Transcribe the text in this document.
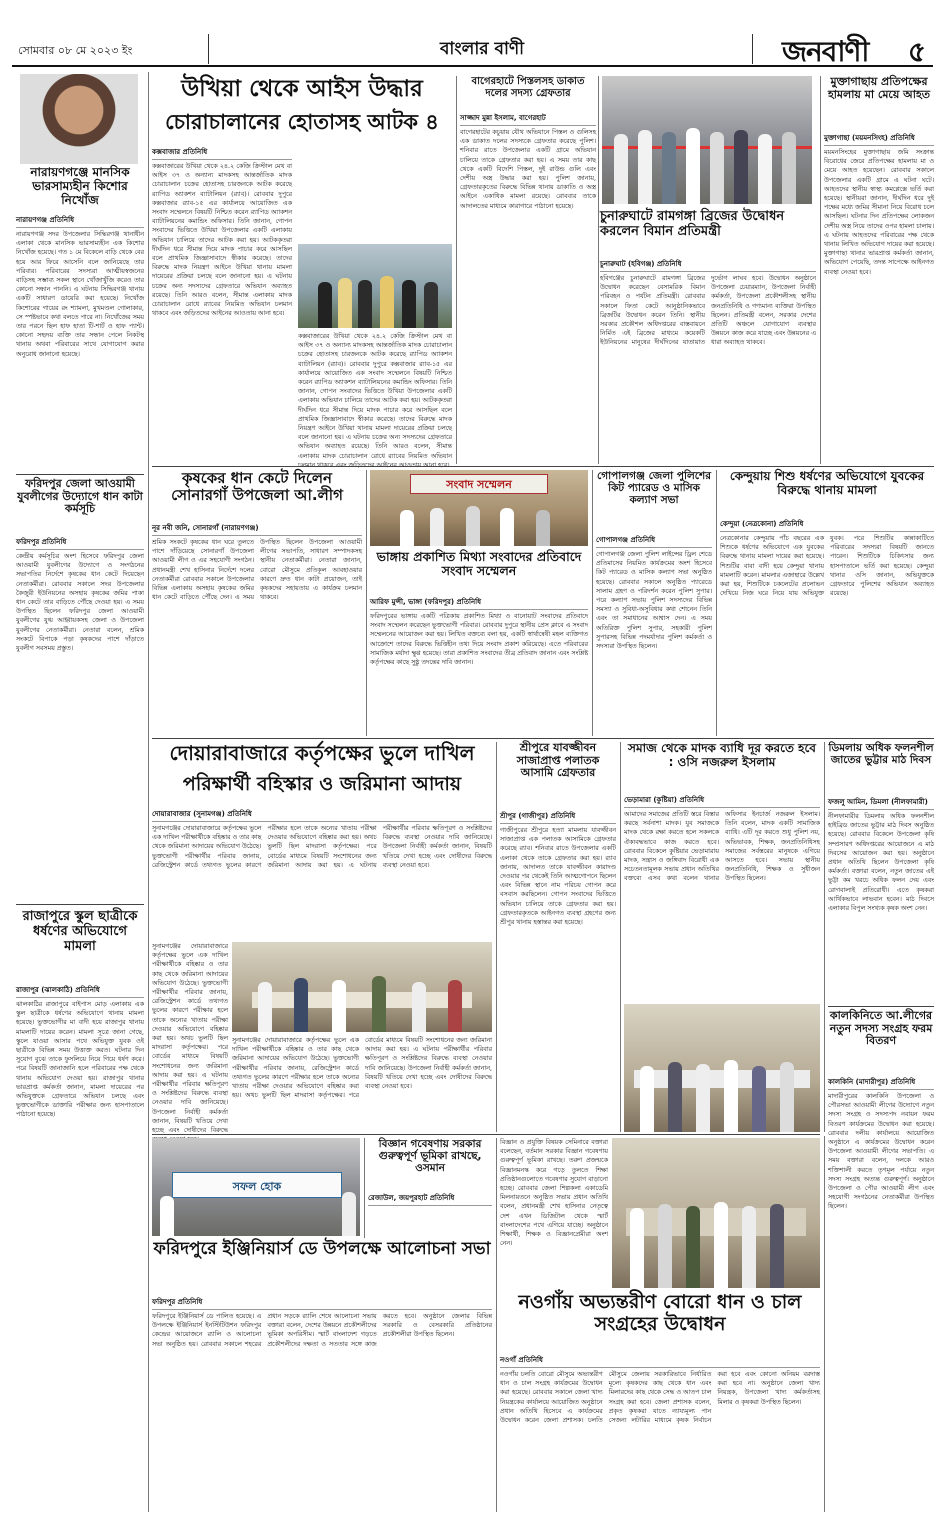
সোমবার ০৮ মে ২০২৩ ইং	বাংলার বাণী	জনবাণী	৫
নারায়ণগঞ্জে মানসিক ভারসাম্যহীন কিশোর নিখোঁজ
নারায়ণগঞ্জ প্রতিনিধি
নারায়ণগঞ্জ সদর উপজেলার সিদ্ধিরগঞ্জ থানাধীন এলাকা থেকে মানসিক ভারসাম্যহীন এক কিশোর নিখোঁজ হয়েছে। গত ১ মে বিকেলে বাড়ি থেকে বের হয়ে আর ফিরে আসেনি বলে জানিয়েছে তার পরিবার। পরিবারের সদস্যরা আত্মীয়স্বজনের বাড়িসহ সম্ভাব্য সকল স্থানে খোঁজাখুঁজি করেও তার কোনো সন্ধান পাননি। এ ঘটনায় সিদ্ধিরগঞ্জ থানায় একটি সাধারণ ডায়েরি করা হয়েছে। নিখোঁজ কিশোরের গায়ের রং শ্যামলা, মুখমণ্ডল গোলাকার, সে স্পষ্টভাবে কথা বলতে পারে না। নিখোঁজের সময় তার পরনে ছিল হাফ হাতা টি-শার্ট ও হাফ প্যান্ট। কোনো সহৃদয় ব্যক্তি তার সন্ধান পেলে নিকটস্থ থানায় অথবা পরিবারের সাথে যোগাযোগ করার অনুরোধ জানানো হয়েছে।
ফরিদপুর জেলা আওয়ামী যুবলীগের উদ্যোগে ধান কাটা কর্মসূচি
ফরিদপুর প্রতিনিধি
কেন্দ্রীয় কর্মসূচির অংশ হিসেবে ফরিদপুর জেলা আওয়ামী যুবলীগের উদ্যোগে ও সংগঠনের সভাপতির নির্দেশে কৃষকের ধান কেটে দিয়েছেন নেতাকর্মীরা। রোববার সকালে সদর উপজেলার কৈজুরী ইউনিয়নের অসহায় কৃষকের জমির পাকা ধান কেটে তার বাড়িতে পৌঁছে দেওয়া হয়। এ সময় উপস্থিত ছিলেন ফরিদপুর জেলা আওয়ামী যুবলীগের যুগ্ম আহ্বায়কসহ জেলা ও উপজেলা যুবলীগের নেতাকর্মীরা। নেতারা বলেন, শ্রমিক সংকটে বিপাকে পড়া কৃষকদের পাশে দাঁড়াতে যুবলীগ সবসময় প্রস্তুত।
রাজাপুরে স্কুল ছাত্রীকে ধর্ষণের অভিযোগে মামলা
রাজাপুর (ঝালকাঠি) প্রতিনিধি
ঝালকাঠির রাজাপুরে বাইপাস মোড় এলাকায় এক স্কুল ছাত্রীকে ধর্ষণের অভিযোগে থানায় মামলা হয়েছে। ভুক্তভোগীর মা বাদী হয়ে রাজাপুর থানায় মামলাটি দায়ের করেন। মামলা সূত্রে জানা গেছে, স্কুলে যাওয়া আসার পথে অভিযুক্ত যুবক ওই ছাত্রীকে বিভিন্ন সময় উত্ত্যক্ত করত। ঘটনার দিন সুযোগ বুঝে তাকে ফুসলিয়ে নিয়ে গিয়ে ধর্ষণ করে। পরে বিষয়টি জানাজানি হলে পরিবারের পক্ষ থেকে থানায় অভিযোগ দেওয়া হয়। রাজাপুর থানার ভারপ্রাপ্ত কর্মকর্তা জানান, মামলা দায়েরের পর অভিযুক্তকে গ্রেফতারে অভিযান চলছে এবং ভুক্তভোগীকে ডাক্তারি পরীক্ষার জন্য হাসপাতালে পাঠানো হয়েছে।
উখিয়া থেকে আইস উদ্ধার
চোরাচালানের হোতাসহ আটক ৪
কক্সবাজার প্রতিনিধি
কক্সবাজারের উখিয়া থেকে ২৪.২ কেজি ক্রিস্টাল মেথ বা আইস ৩৭ ও অন্যান্য মাদকসহ আন্তর্জাতিক মাদক চোরাচালান চক্রের হোতাসহ চারজনকে আটক করেছে র‍্যাপিড অ্যাকশন ব্যাটালিয়ন (র‍্যাব)। রোববার দুপুরে কক্সবাজার র‍্যাব-১৫ এর কার্যালয়ে আয়োজিত এক সংবাদ সম্মেলনে বিষয়টি নিশ্চিত করেন র‍্যাপিড অ্যাকশন ব্যাটালিয়নের কমান্ডিং অফিসার। তিনি জানান, গোপন সংবাদের ভিত্তিতে উখিয়া উপজেলার একটি এলাকায় অভিযান চালিয়ে তাদের আটক করা হয়। আটককৃতরা দীর্ঘদিন ধরে সীমান্ত দিয়ে মাদক পাচার করে আসছিল বলে প্রাথমিক জিজ্ঞাসাবাদে স্বীকার করেছে। তাদের বিরুদ্ধে মাদক নিয়ন্ত্রণ আইনে উখিয়া থানায় মামলা দায়েরের প্রক্রিয়া চলছে বলে জানানো হয়। এ ঘটনায় চক্রের অন্য সদস্যদের গ্রেফতারে অভিযান অব্যাহত রয়েছে। তিনি আরও বলেন, সীমান্ত এলাকায় মাদক চোরাচালান রোধে র‍্যাবের নিয়মিত অভিযান চলমান থাকবে এবং জড়িতদের আইনের আওতায় আনা হবে।
কক্সবাজারের উখিয়া থেকে ২৪.২ কেজি ক্রিস্টাল মেথ বা আইস ৩৭ ও অন্যান্য মাদকসহ আন্তর্জাতিক মাদক চোরাচালান চক্রের হোতাসহ চারজনকে আটক করেছে র‍্যাপিড অ্যাকশন ব্যাটালিয়ন (র‍্যাব)। রোববার দুপুরে কক্সবাজার র‍্যাব-১৫ এর কার্যালয়ে আয়োজিত এক সংবাদ সম্মেলনে বিষয়টি নিশ্চিত করেন র‍্যাপিড অ্যাকশন ব্যাটালিয়নের কমান্ডিং অফিসার। তিনি জানান, গোপন সংবাদের ভিত্তিতে উখিয়া উপজেলার একটি এলাকায় অভিযান চালিয়ে তাদের আটক করা হয়। আটককৃতরা দীর্ঘদিন ধরে সীমান্ত দিয়ে মাদক পাচার করে আসছিল বলে প্রাথমিক জিজ্ঞাসাবাদে স্বীকার করেছে। তাদের বিরুদ্ধে মাদক নিয়ন্ত্রণ আইনে উখিয়া থানায় মামলা দায়েরের প্রক্রিয়া চলছে বলে জানানো হয়। এ ঘটনায় চক্রের অন্য সদস্যদের গ্রেফতারে অভিযান অব্যাহত রয়েছে। তিনি আরও বলেন, সীমান্ত এলাকায় মাদক চোরাচালান রোধে র‍্যাবের নিয়মিত অভিযান
বাগেরহাটে পিস্তলসহ ডাকাত দলের সদস্য গ্রেফতার
সাজ্জাদ মুন্না ইসলাম, বাগেরহাট
বাগেরহাটের কচুয়ায় যৌথ অভিযানে পিস্তল ও গুলিসহ এক ডাকাত দলের সদস্যকে গ্রেফতার করেছে পুলিশ। শনিবার রাতে উপজেলার একটি গ্রামে অভিযান চালিয়ে তাকে গ্রেফতার করা হয়। এ সময় তার কাছ থেকে একটি বিদেশি পিস্তল, দুই রাউন্ড গুলি এবং দেশীয় অস্ত্র উদ্ধার করা হয়। পুলিশ জানায়, গ্রেফতারকৃতের বিরুদ্ধে বিভিন্ন থানায় ডাকাতি ও অস্ত্র আইনে একাধিক মামলা রয়েছে। রোববার তাকে আদালতের মাধ্যমে কারাগারে পাঠানো হয়েছে।
চুনারুঘাটে রামগঙ্গা ব্রিজের উদ্বোধন করলেন বিমান প্রতিমন্ত্রী
চুনারুঘাট (হবিগঞ্জ) প্রতিনিধি
হবিগঞ্জের চুনারুঘাটে রামগঙ্গা ব্রিজের উদ্বোধন করেছেন বেসামরিক বিমান পরিবহন ও পর্যটন প্রতিমন্ত্রী। রোববার সকালে ফিতা কেটে আনুষ্ঠানিকভাবে ব্রিজটির উদ্বোধন করেন তিনি। স্থানীয় সরকার প্রকৌশল অধিদপ্তরের বাস্তবায়নে নির্মিত এই ব্রিজের মাধ্যমে কয়েকটি ইউনিয়নের মানুষের দীর্ঘদিনের যাতায়াত দুর্ভোগ লাঘব হবে। উদ্বোধন অনুষ্ঠানে উপজেলা চেয়ারম্যান, উপজেলা নির্বাহী কর্মকর্তা, উপজেলা প্রকৌশলীসহ স্থানীয় জনপ্রতিনিধি ও গণ্যমান্য ব্যক্তিরা উপস্থিত ছিলেন। প্রতিমন্ত্রী বলেন, সরকার দেশের প্রতিটি অঞ্চলে যোগাযোগ ব্যবস্থার উন্নয়নে কাজ করে যাচ্ছে এবং উন্নয়নের এ ধারা অব্যাহত থাকবে।
মুক্তাগাছায় প্রতিপক্ষের হামলায় মা মেয়ে আহত
মুক্তাগাছা (ময়মনসিংহ) প্রতিনিধি
ময়মনসিংহের মুক্তাগাছায় জমি সংক্রান্ত বিরোধের জেরে প্রতিপক্ষের হামলায় মা ও মেয়ে আহত হয়েছেন। রোববার সকালে উপজেলার একটি গ্রামে এ ঘটনা ঘটে। আহতদের স্থানীয় স্বাস্থ্য কমপ্লেক্সে ভর্তি করা হয়েছে। স্থানীয়রা জানান, দীর্ঘদিন ধরে দুই পক্ষের মধ্যে জমির সীমানা নিয়ে বিরোধ চলে আসছিল। ঘটনার দিন প্রতিপক্ষের লোকজন দেশীয় অস্ত্র নিয়ে তাদের ওপর হামলা চালায়। এ ঘটনায় আহতদের পরিবারের পক্ষ থেকে থানায় লিখিত অভিযোগ দায়ের করা হয়েছে। মুক্তাগাছা থানার ভারপ্রাপ্ত কর্মকর্তা জানান, অভিযোগ পেয়েছি, তদন্ত সাপেক্ষে আইনগত ব্যবস্থা নেওয়া হবে।
কৃষকের ধান কেটে দিলেন সোনারগাঁ উপজেলা আ.লীগ
নূর নবী জনি, সোনারগাঁ (নারায়ণগঞ্জ)
শ্রমিক সংকটে কৃষকের ধান ঘরে তুলতে পাশে দাঁড়িয়েছে সোনারগাঁ উপজেলা আওয়ামী লীগ ও এর সহযোগী সংগঠন। প্রধানমন্ত্রী শেখ হাসিনার নির্দেশে দলের নেতাকর্মীরা রোববার সকালে উপজেলার বিভিন্ন এলাকায় অসহায় কৃষকের জমির ধান কেটে বাড়িতে পৌঁছে দেন। এ সময় উপস্থিত ছিলেন উপজেলা আওয়ামী লীগের সভাপতি, সাধারণ সম্পাদকসহ স্থানীয় নেতাকর্মীরা। নেতারা জানান, বোরো মৌসুমে প্রতিকূল আবহাওয়ার কারণে দ্রুত ধান কাটা প্রয়োজন, তাই কৃষকদের সহায়তায় এ কার্যক্রম চলমান থাকবে।
সংবাদ সম্মেলন
ভাঙ্গায় প্রকাশিত মিথ্যা সংবাদের প্রতিবাদে সংবাদ সম্মেলন
আরিফ মুন্সী, ভাঙ্গা (ফরিদপুর) প্রতিনিধি
ফরিদপুরের ভাঙ্গায় একটি পত্রিকায় প্রকাশিত মিথ্যা ও বানোয়াট সংবাদের প্রতিবাদে সংবাদ সম্মেলন করেছেন ভুক্তভোগী পরিবার। রোববার দুপুরে স্থানীয় প্রেস ক্লাবে এ সংবাদ সম্মেলনের আয়োজন করা হয়। লিখিত বক্তব্যে বলা হয়, একটি স্বার্থান্বেষী মহল ব্যক্তিগত আক্রোশে তাদের বিরুদ্ধে ভিত্তিহীন তথ্য দিয়ে সংবাদ প্রকাশ করিয়েছে। এতে পরিবারের সামাজিক মর্যাদা ক্ষুণ্ণ হয়েছে। তারা প্রকাশিত সংবাদের তীব্র প্রতিবাদ জানান এবং সংশ্লিষ্ট কর্তৃপক্ষের কাছে সুষ্ঠু তদন্তের দাবি জানান।
গোপালগঞ্জ জেলা পুলিশের কিট প্যারেড ও মাসিক কল্যাণ সভা
গোপালগঞ্জ প্রতিনিধি
গোপালগঞ্জ জেলা পুলিশ লাইন্সের ড্রিল শেডে প্রতিমাসের নিয়মিত কার্যক্রমের অংশ হিসেবে কিট প্যারেড ও মাসিক কল্যাণ সভা অনুষ্ঠিত হয়েছে। রোববার সকালে অনুষ্ঠিত প্যারেডে সালাম গ্রহণ ও পরিদর্শন করেন পুলিশ সুপার। পরে কল্যাণ সভায় পুলিশ সদস্যদের বিভিন্ন সমস্যা ও সুবিধা-অসুবিধার কথা শোনেন তিনি এবং তা সমাধানের আশ্বাস দেন। এ সময় অতিরিক্ত পুলিশ সুপার, সহকারী পুলিশ সুপারসহ বিভিন্ন পদমর্যাদার পুলিশ কর্মকর্তা ও সদস্যরা উপস্থিত ছিলেন।
কেন্দুয়ায় শিশু ধর্ষণের অভিযোগে যুবকের বিরুদ্ধে থানায় মামলা
কেন্দুয়া (নেত্রকোনা) প্রতিনিধি
নেত্রকোনার কেন্দুয়ায় পাঁচ বছরের এক শিশুকে ধর্ষণের অভিযোগে এক যুবকের বিরুদ্ধে থানায় মামলা দায়ের করা হয়েছে। শিশুটির বাবা বাদী হয়ে কেন্দুয়া থানায় মামলাটি করেন। মামলার এজাহারে উল্লেখ করা হয়, শিশুটিকে চকলেটের প্রলোভন দেখিয়ে নিজ ঘরে নিয়ে যায় অভিযুক্ত যুবক। পরে শিশুটির কান্নাকাটিতে পরিবারের সদস্যরা বিষয়টি জানতে পারেন। শিশুটিকে চিকিৎসার জন্য হাসপাতালে ভর্তি করা হয়েছে। কেন্দুয়া থানার ওসি জানান, অভিযুক্তকে গ্রেফতারে পুলিশের অভিযান অব্যাহত রয়েছে।
দোয়ারাবাজারে কর্তৃপক্ষের ভুলে দাখিল
পরিক্ষার্থী বহিস্কার ও জরিমানা আদায়
দোয়ারাবাজার (সুনামগঞ্জ) প্রতিনিধি
সুনামগঞ্জের দোয়ারাবাজারে কর্তৃপক্ষের ভুলে এক দাখিল পরীক্ষার্থীকে বহিষ্কার ও তার কাছ থেকে জরিমানা আদায়ের অভিযোগ উঠেছে। ভুক্তভোগী পরীক্ষার্থীর পরিবার জানায়, রেজিস্ট্রেশন কার্ডে তথ্যগত ভুলের কারণে পরীক্ষার হলে তাকে অন্যের খাতায় পরীক্ষা দেওয়ার অভিযোগে বহিষ্কার করা হয়। অথচ ভুলটি ছিল মাদরাসা কর্তৃপক্ষের। পরে বোর্ডের মাধ্যমে বিষয়টি সংশোধনের জন্য জরিমানা আদায় করা হয়। এ ঘটনায় পরীক্ষার্থীর পরিবার ক্ষতিপূরণ ও সংশ্লিষ্টদের বিরুদ্ধে ব্যবস্থা নেওয়ার দাবি জানিয়েছে। উপজেলা নির্বাহী কর্মকর্তা জানান, বিষয়টি খতিয়ে দেখা হচ্ছে এবং দোষীদের বিরুদ্ধে ব্যবস্থা নেওয়া হবে।
সুনামগঞ্জের দোয়ারাবাজারে কর্তৃপক্ষের ভুলে এক দাখিল পরীক্ষার্থীকে বহিষ্কার ও তার কাছ থেকে জরিমানা আদায়ের অভিযোগ উঠেছে। ভুক্তভোগী পরীক্ষার্থীর পরিবার জানায়, রেজিস্ট্রেশন কার্ডে তথ্যগত ভুলের কারণে পরীক্ষার হলে তাকে অন্যের খাতায় পরীক্ষা দেওয়ার অভিযোগে বহিষ্কার করা হয়। অথচ ভুলটি ছিল মাদরাসা কর্তৃপক্ষের। পরে বোর্ডের মাধ্যমে বিষয়টি সংশোধনের জন্য জরিমানা আদায় করা হয়। এ ঘটনায় পরীক্ষার্থীর পরিবার ক্ষতিপূরণ ও সংশ্লিষ্টদের বিরুদ্ধে ব্যবস্থা নেওয়ার দাবি জানিয়েছে। উপজেলা নির্বাহী কর্মকর্তা জানান, বিষয়টি খতিয়ে দেখা হচ্ছে এবং দোষীদের বিরুদ্ধে
সুনামগঞ্জের দোয়ারাবাজারে কর্তৃপক্ষের ভুলে এক দাখিল পরীক্ষার্থীকে বহিষ্কার ও তার কাছ থেকে জরিমানা আদায়ের অভিযোগ উঠেছে। ভুক্তভোগী পরীক্ষার্থীর পরিবার জানায়, রেজিস্ট্রেশন কার্ডে তথ্যগত ভুলের কারণে পরীক্ষার হলে তাকে অন্যের খাতায় পরীক্ষা দেওয়ার অভিযোগে বহিষ্কার করা হয়। অথচ ভুলটি ছিল মাদরাসা কর্তৃপক্ষের। পরে বোর্ডের মাধ্যমে বিষয়টি সংশোধনের জন্য জরিমানা আদায় করা হয়। এ ঘটনায় পরীক্ষার্থীর পরিবার ক্ষতিপূরণ ও সংশ্লিষ্টদের বিরুদ্ধে ব্যবস্থা নেওয়ার দাবি জানিয়েছে। উপজেলা নির্বাহী কর্মকর্তা জানান, বিষয়টি খতিয়ে দেখা হচ্ছে এবং দোষীদের বিরুদ্ধে ব্যবস্থা নেওয়া হবে।
শ্রীপুরে যাবজ্জীবন সাজাপ্রাপ্ত পলাতক আসামি গ্রেফতার
শ্রীপুর (গাজীপুর) প্রতিনিধি
গাজীপুরের শ্রীপুরে হত্যা মামলায় যাবজ্জীবন সাজাপ্রাপ্ত এক পলাতক আসামিকে গ্রেফতার করেছে র‍্যাব। শনিবার রাতে উপজেলার একটি এলাকা থেকে তাকে গ্রেফতার করা হয়। র‍্যাব জানায়, আদালত তাকে যাবজ্জীবন কারাদণ্ড দেওয়ার পর থেকেই তিনি আত্মগোপনে ছিলেন এবং বিভিন্ন স্থানে নাম পরিচয় গোপন করে বসবাস করছিলেন। গোপন সংবাদের ভিত্তিতে অভিযান চালিয়ে তাকে গ্রেফতার করা হয়। গ্রেফতারকৃতকে আইনগত ব্যবস্থা গ্রহণের জন্য শ্রীপুর থানায় হস্তান্তর করা হয়েছে।
সমাজ থেকে মাদক ব্যাধি দূর করতে হবে : ওসি নজরুল ইসলাম
ভেড়ামারা (কুষ্টিয়া) প্রতিনিধি
আমাদের সমাজের প্রতিটি স্তরে বিস্তার করছে সর্বনাশা মাদক। যুব সমাজকে মাদক থেকে রক্ষা করতে হলে সকলকে ঐক্যবদ্ধভাবে কাজ করতে হবে। রোববার বিকেলে কুষ্টিয়ার ভেড়ামারায় মাদক, সন্ত্রাস ও জঙ্গিবাদ বিরোধী এক সচেতনতামূলক সভায় প্রধান অতিথির বক্তব্যে এসব কথা বলেন থানার অফিসার ইনচার্জ নজরুল ইসলাম। তিনি বলেন, মাদক একটি সামাজিক ব্যাধি। এটি দূর করতে শুধু পুলিশ নয়, অভিভাবক, শিক্ষক, জনপ্রতিনিধিসহ সমাজের সর্বস্তরের মানুষকে এগিয়ে আসতে হবে। সভায় স্থানীয় জনপ্রতিনিধি, শিক্ষক ও সুধীজন উপস্থিত ছিলেন।
ডিমলায় অধিক ফলনশীল জাতের ভুট্টার মাঠ দিবস
ফজলু আমিন, ডিমলা (নীলফামারী)
নীলফামারীর ডিমলায় অধিক ফলনশীল হাইব্রিড জাতের ভুট্টার মাঠ দিবস অনুষ্ঠিত হয়েছে। রোববার বিকেলে উপজেলা কৃষি সম্প্রসারণ অধিদপ্তরের আয়োজনে এ মাঠ দিবসের আয়োজন করা হয়। অনুষ্ঠানে প্রধান অতিথি ছিলেন উপজেলা কৃষি কর্মকর্তা। বক্তারা বলেন, নতুন জাতের এই ভুট্টা কম খরচে অধিক ফলন দেয় এবং রোগবালাই প্রতিরোধী। এতে কৃষকরা আর্থিকভাবে লাভবান হবেন। মাঠ দিবসে এলাকার বিপুল সংখ্যক কৃষক অংশ নেন।
কালকিনিতে আ.লীগের নতুন সদস্য সংগ্রহ ফরম বিতরণ
কালকিনি (মাদারীপুর) প্রতিনিধি
মাদারীপুরের কালকিনি উপজেলা ও পৌরসভা আওয়ামী লীগের উদ্যোগে নতুন সদস্য সংগ্রহ ও সদস্যপদ নবায়ন ফরম বিতরণ কার্যক্রমের উদ্বোধন করা হয়েছে। রোববার দলীয় কার্যালয়ে আয়োজিত অনুষ্ঠানে এ কার্যক্রমের উদ্বোধন করেন উপজেলা আওয়ামী লীগের সভাপতি। এ সময় বক্তারা বলেন, দলকে আরও শক্তিশালী করতে তৃণমূল পর্যায়ে নতুন সদস্য সংগ্রহ অত্যন্ত গুরুত্বপূর্ণ। অনুষ্ঠানে উপজেলা ও পৌর আওয়ামী লীগ এবং সহযোগী সংগঠনের নেতাকর্মীরা উপস্থিত ছিলেন।
সফল হোক
ফরিদপুরে ইঞ্জিনিয়ার্স ডে উপলক্ষে আলোচনা সভা
ফরিদপুর প্রতিনিধি
ফরিদপুরে ইঞ্জিনিয়ার্স ডে পালিত হয়েছে। এ উপলক্ষে ইঞ্জিনিয়ার্স ইনস্টিটিউশন ফরিদপুর কেন্দ্রের আয়োজনে র‍্যালি ও আলোচনা সভা অনুষ্ঠিত হয়। রোববার সকালে শহরের প্রধান সড়কে র‍্যালি শেষে আলোচনা সভায় বক্তারা বলেন, দেশের উন্নয়নে প্রকৌশলীদের ভূমিকা অপরিসীম। স্মার্ট বাংলাদেশ গড়তে প্রকৌশলীদের দক্ষতা ও সততার সঙ্গে কাজ করতে হবে। অনুষ্ঠানে জেলার বিভিন্ন সরকারি ও বেসরকারি প্রতিষ্ঠানের প্রকৌশলীরা উপস্থিত ছিলেন।
বিজ্ঞান গবেষণায় সরকার গুরুত্বপূর্ণ ভূমিকা রাখছে, ওসমান
রেজাউল, জয়পুরহাট প্রতিনিধি
বিজ্ঞান ও প্রযুক্তি বিষয়ক সেমিনারে বক্তারা বলেছেন, বর্তমান সরকার বিজ্ঞান গবেষণায় গুরুত্বপূর্ণ ভূমিকা রাখছে। তরুণ প্রজন্মকে বিজ্ঞানমনস্ক করে গড়ে তুলতে শিক্ষা প্রতিষ্ঠানগুলোতে গবেষণার সুযোগ বাড়ানো হচ্ছে। রোববার জেলা শিল্পকলা একাডেমি মিলনায়তনে অনুষ্ঠিত সভায় প্রধান অতিথি বলেন, প্রধানমন্ত্রী শেখ হাসিনার নেতৃত্বে দেশ এখন ডিজিটাল থেকে স্মার্ট বাংলাদেশের পথে এগিয়ে যাচ্ছে। অনুষ্ঠানে শিক্ষার্থী, শিক্ষক ও বিজ্ঞানপ্রেমীরা অংশ নেন।
নওগাঁয় অভ্যন্তরীণ বোরো ধান ও চাল সংগ্রহের উদ্বোধন
নওগাঁ প্রতিনিধি
নওগাঁয় চলতি বোরো মৌসুমে অভ্যন্তরীণ ধান ও চাল সংগ্রহ কার্যক্রমের উদ্বোধন করা হয়েছে। রোববার সকালে জেলা খাদ্য নিয়ন্ত্রকের কার্যালয়ে আয়োজিত অনুষ্ঠানে প্রধান অতিথি হিসেবে এ কার্যক্রমের উদ্বোধন করেন জেলা প্রশাসক। চলতি মৌসুমে জেলায় সরকারিভাবে নির্ধারিত মূল্যে কৃষকদের কাছ থেকে ধান এবং মিলারদের কাছ থেকে সেদ্ধ ও আতপ চাল সংগ্রহ করা হবে। জেলা প্রশাসক বলেন, প্রকৃত কৃষকরা যাতে ন্যায্যমূল্য পান সেজন্য লটারির মাধ্যমে কৃষক নির্বাচন করা হবে এবং কোনো অনিয়ম বরদাস্ত করা হবে না। অনুষ্ঠানে জেলা খাদ্য নিয়ন্ত্রক, উপজেলা খাদ্য কর্মকর্তাসহ মিলার ও কৃষকরা উপস্থিত ছিলেন।
